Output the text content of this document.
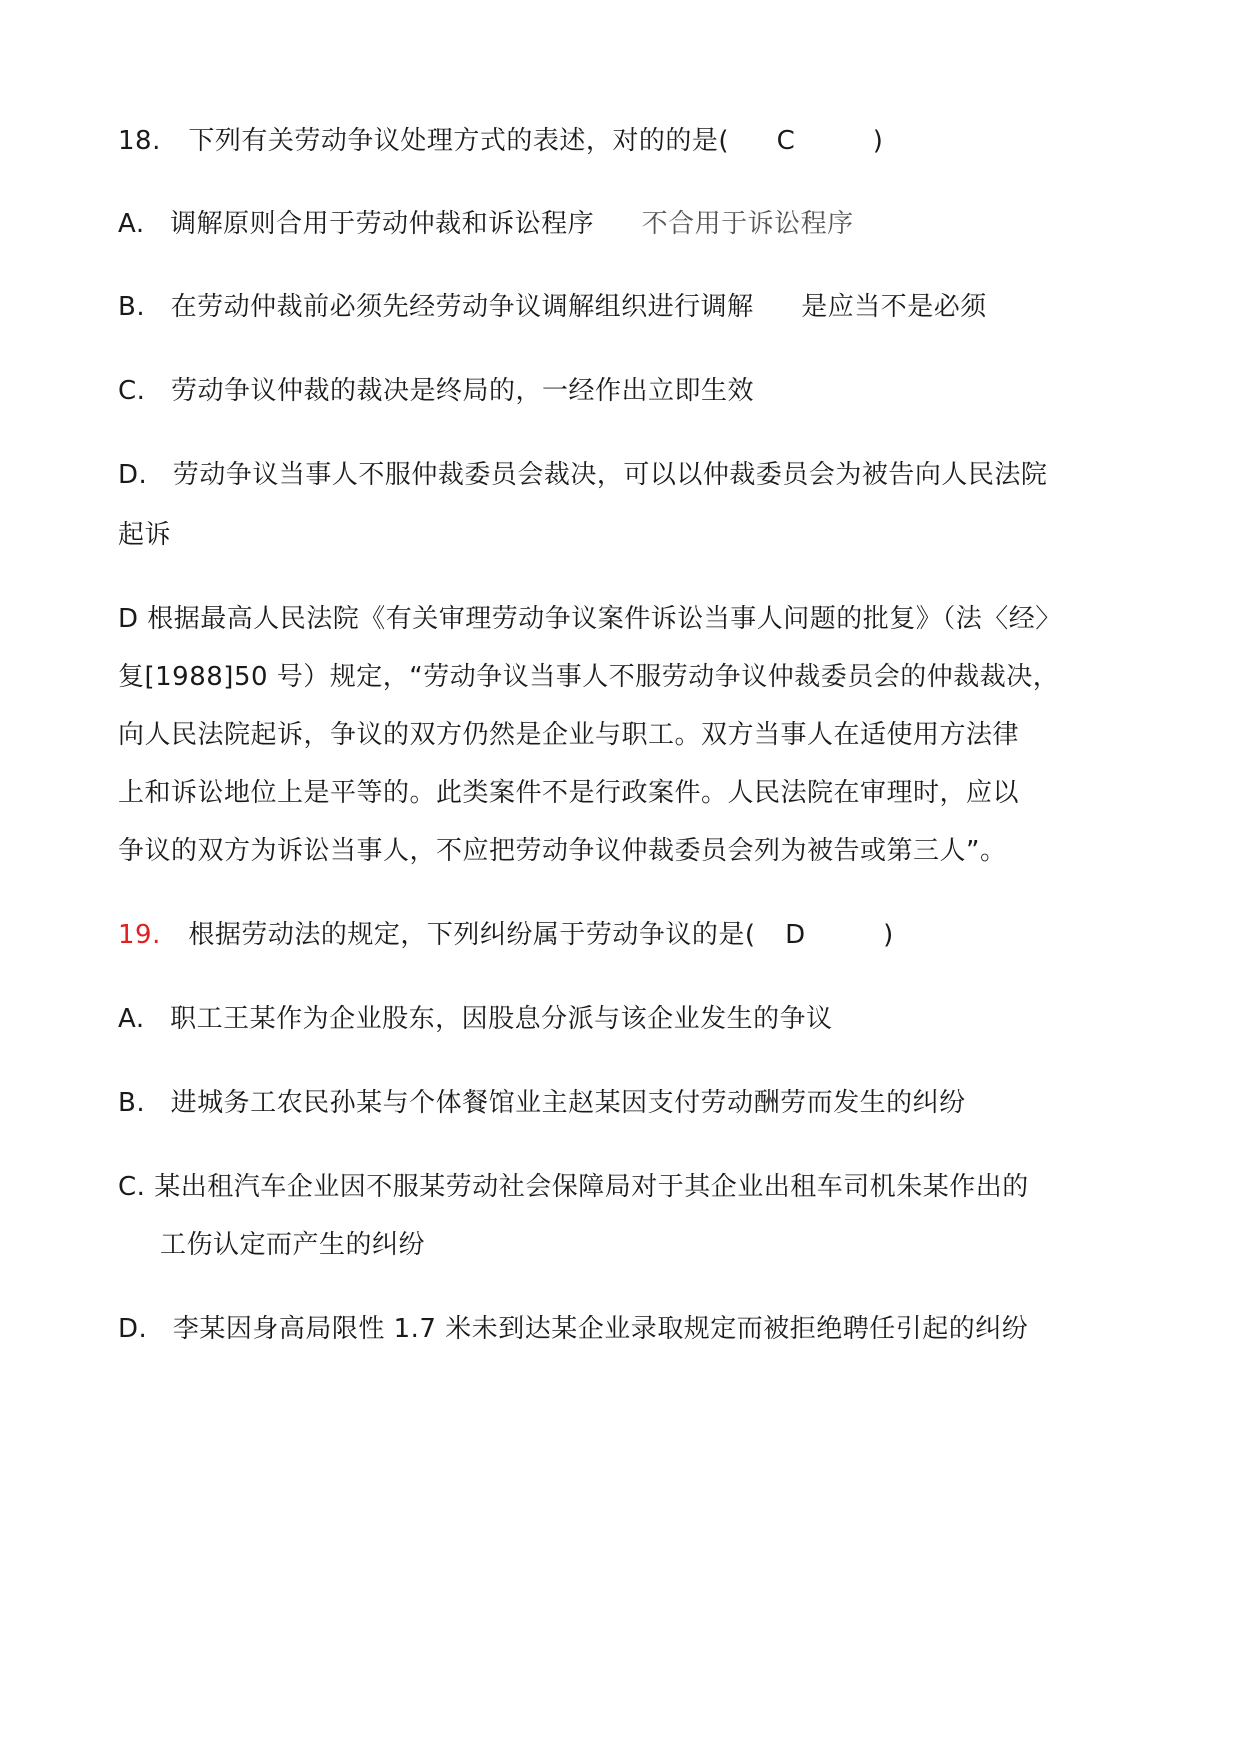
18. 下列有关劳动争议处理方式的表述，对的的是( C	)
A. 调解原则合用于劳动仲裁和诉讼程序 不合用于诉讼程序
B. 在劳动仲裁前必须先经劳动争议调解组织进行调解 是应当不是必须
C. 劳动争议仲裁的裁决是终局的，一经作出立即生效
D. 劳动争议当事人不服仲裁委员会裁决，可以以仲裁委员会为被告向人民法院
起诉
D 根据最高人民法院《有关审理劳动争议案件诉讼当事人问题的批复》（法〈经〉
复[1988]50 号）规定，“劳动争议当事人不服劳动争议仲裁委员会的仲裁裁决，
向人民法院起诉，争议的双方仍然是企业与职工。双方当事人在适使用方法律
上和诉讼地位上是平等的。此类案件不是行政案件。人民法院在审理时，应以
争议的双方为诉讼当事人，不应把劳动争议仲裁委员会列为被告或第三人”。
19. 根据劳动法的规定，下列纠纷属于劳动争议的是( D	)
A. 职工王某作为企业股东，因股息分派与该企业发生的争议
B. 进城务工农民孙某与个体餐馆业主赵某因支付劳动酬劳而发生的纠纷
C. 某出租汽车企业因不服某劳动社会保障局对于其企业出租车司机朱某作出的
工伤认定而产生的纠纷
D. 李某因身高局限性 1.7 米未到达某企业录取规定而被拒绝聘任引起的纠纷
